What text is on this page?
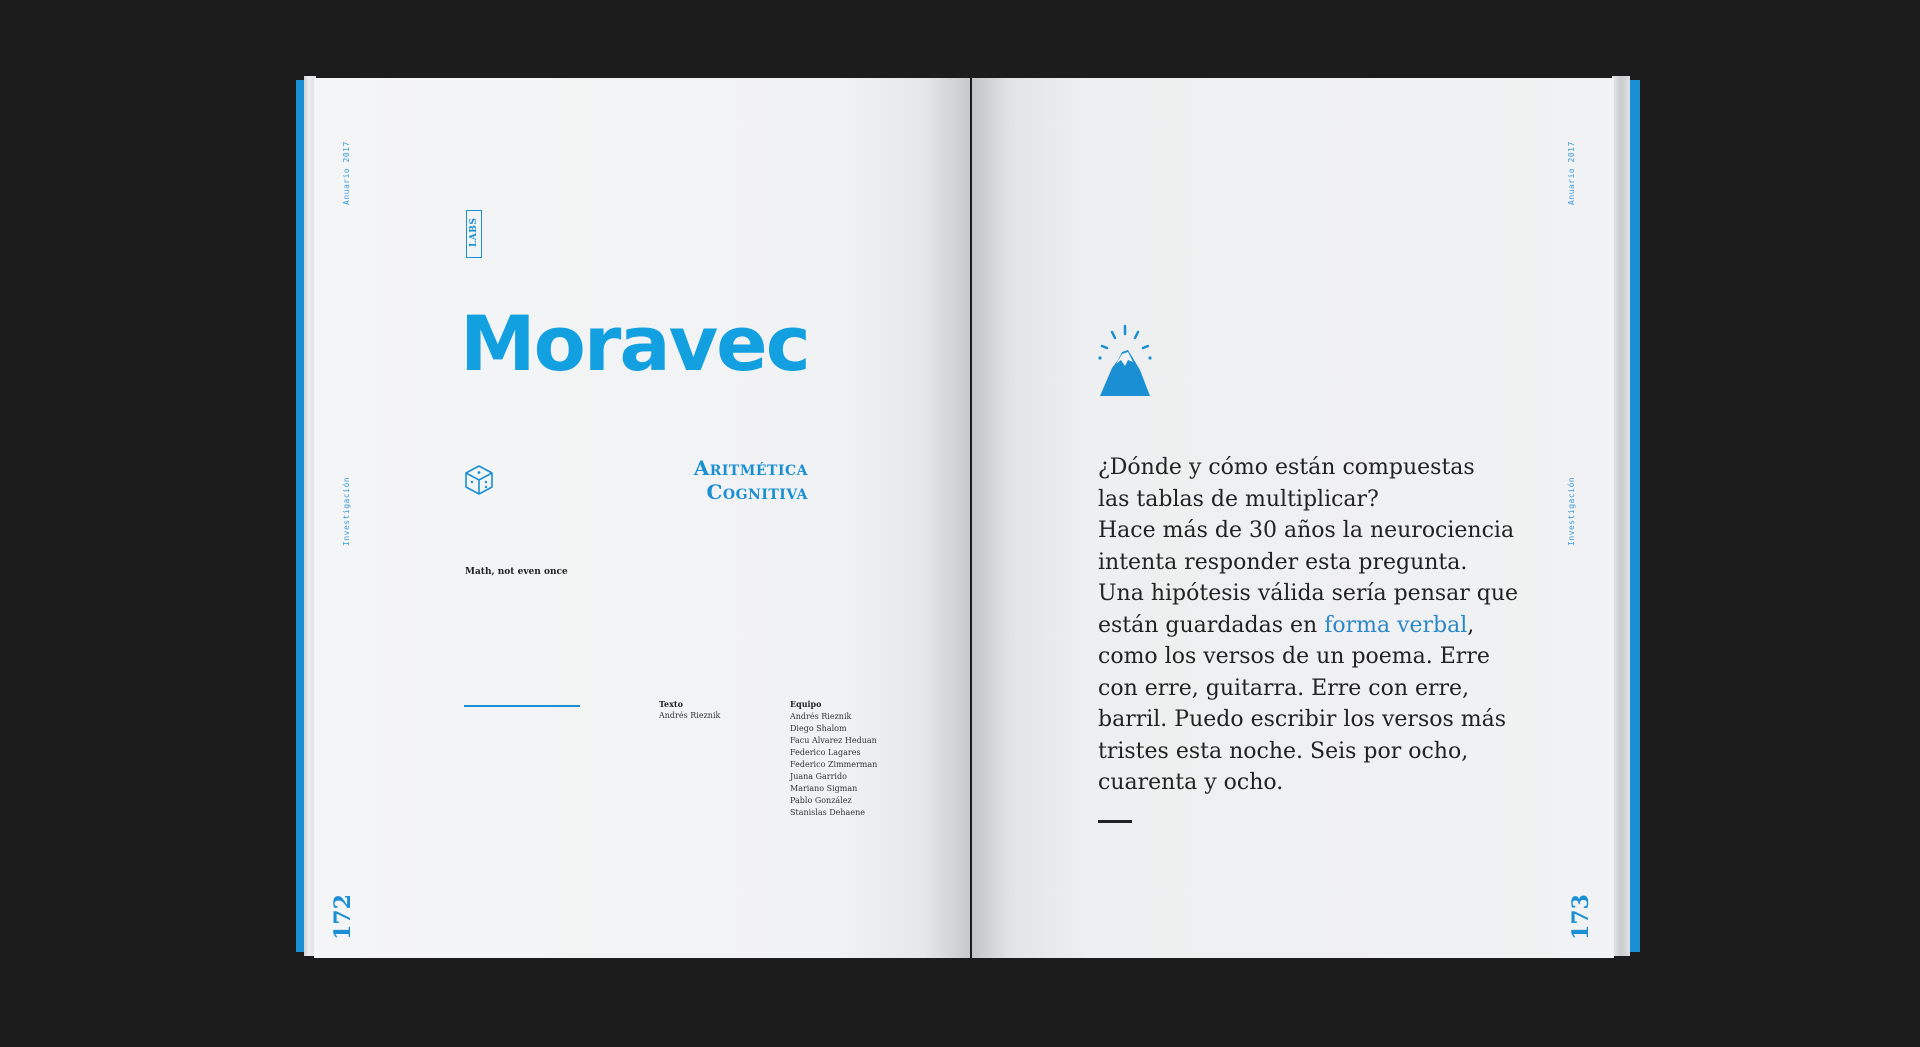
Anuario 2017
Investigación
LABS
Moravec
Aritmética
Cognitiva
Math, not even once
Texto
Andrés Rieznik
Equipo
Andrés Rieznik
Diego Shalom
Facu Alvarez Heduan
Federico Lagares
Federico Zimmerman
Juana Garrido
Mariano Sigman
Pablo González
Stanislas Dehaene
172
Anuario 2017
Investigación

¿Dónde y cómo están compuestas

las tablas de multiplicar?

Hace más de 30 años la neurociencia

intenta responder esta pregunta.

Una hipótesis válida sería pensar que

están guardadas en forma verbal,

como los versos de un poema. Erre

con erre, guitarra. Erre con erre,

barril. Puedo escribir los versos más

tristes esta noche. Seis por ocho,

cuarenta y ocho.

173
